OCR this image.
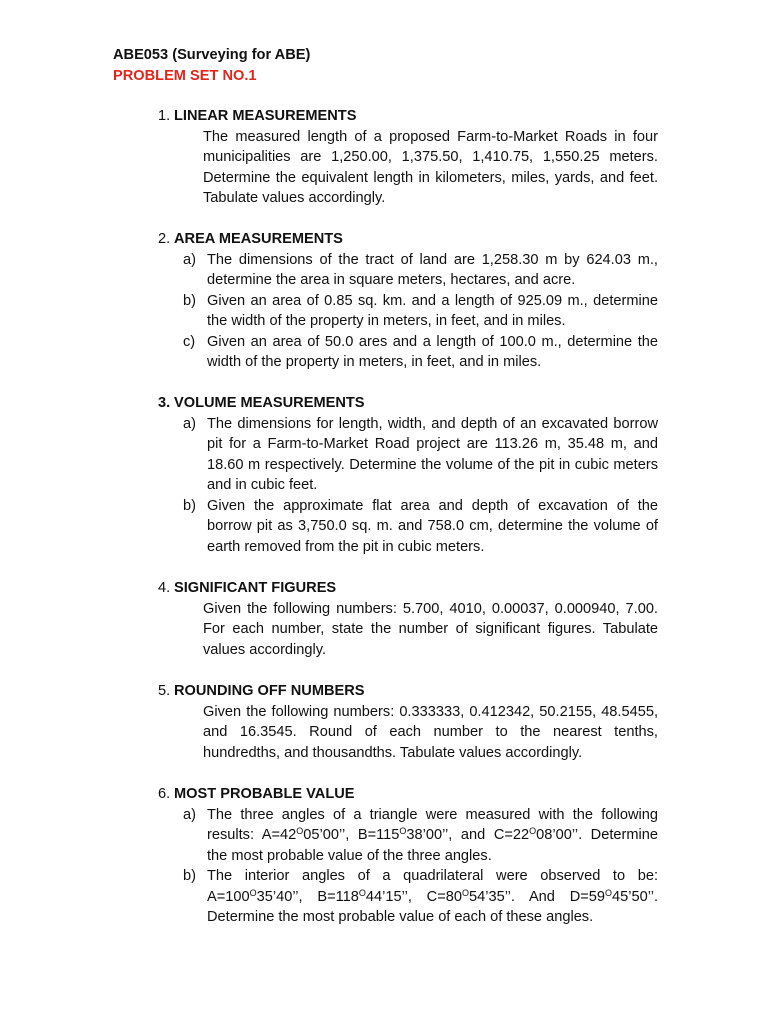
ABE053 (Surveying for ABE)
PROBLEM SET NO.1
1. LINEAR MEASUREMENTS
The measured length of a proposed Farm-to-Market Roads in four municipalities are 1,250.00, 1,375.50, 1,410.75, 1,550.25 meters. Determine the equivalent length in kilometers, miles, yards, and feet. Tabulate values accordingly.
2. AREA MEASUREMENTS
a) The dimensions of the tract of land are 1,258.30 m by 624.03 m., determine the area in square meters, hectares, and acre.
b) Given an area of 0.85 sq. km. and a length of 925.09 m., determine the width of the property in meters, in feet, and in miles.
c) Given an area of 50.0 ares and a length of 100.0 m., determine the width of the property in meters, in feet, and in miles.
3. VOLUME MEASUREMENTS
a) The dimensions for length, width, and depth of an excavated borrow pit for a Farm-to-Market Road project are 113.26 m, 35.48 m, and 18.60 m respectively. Determine the volume of the pit in cubic meters and in cubic feet.
b) Given the approximate flat area and depth of excavation of the borrow pit as 3,750.0 sq. m. and 758.0 cm, determine the volume of earth removed from the pit in cubic meters.
4. SIGNIFICANT FIGURES
Given the following numbers: 5.700, 4010, 0.00037, 0.000940, 7.00. For each number, state the number of significant figures. Tabulate values accordingly.
5. ROUNDING OFF NUMBERS
Given the following numbers: 0.333333, 0.412342, 50.2155, 48.5455, and 16.3545. Round of each number to the nearest tenths, hundredths, and thousandths. Tabulate values accordingly.
6. MOST PROBABLE VALUE
a) The three angles of a triangle were measured with the following results: $A=42^O05’00$’’, $B=115^O38’00$’’, and $C=22^O08’00$’’. Determine the most probable value of the three angles.
b) The interior angles of a quadrilateral were observed to be: $A=100^O35’40$’’, $B=118^O44’15$’’, $C=80^O54’35$’’. And $D=59^O45’50$’’. Determine the most probable value of each of these angles.
